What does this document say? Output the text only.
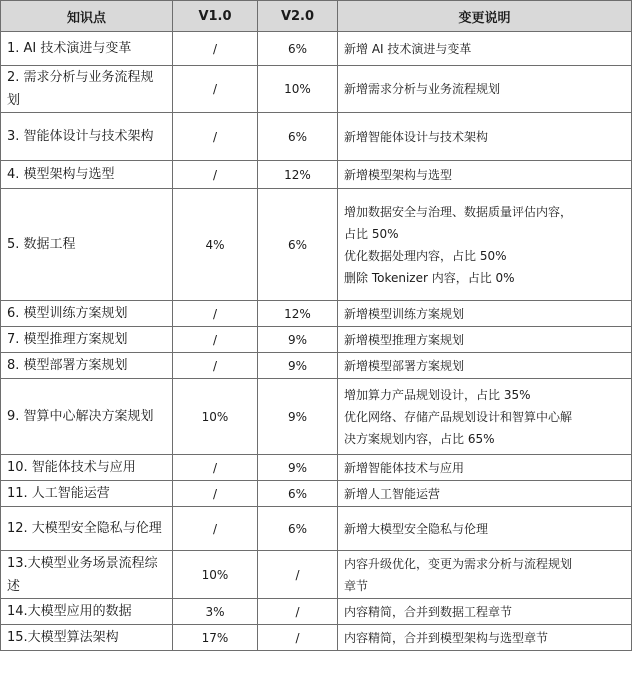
知识点	V1.0	V2.0	变更说明
1. AI 技术演进与变革	/	6%	新增 AI 技术演进与变革

2. 需求分析与业务流程规划	/	10%	新增需求分析与业务流程规划

3. 智能体设计与技术架构	/	6%	新增智能体设计与技术架构

4. 模型架构与选型	/	12%	新增模型架构与选型

5. 数据工程	4%	6%	增加数据安全与治理、数据质量评估内容，
占比 50%
优化数据处理内容，占比 50%
删除 Tokenizer 内容，占比 0%

6. 模型训练方案规划	/	12%	新增模型训练方案规划

7. 模型推理方案规划	/	9%	新增模型推理方案规划

8. 模型部署方案规划	/	9%	新增模型部署方案规划

9. 智算中心解决方案规划	10%	9%	增加算力产品规划设计，占比 35%
优化网络、存储产品规划设计和智算中心解
决方案规划内容，占比 65%

10. 智能体技术与应用	/	9%	新增智能体技术与应用

11. 人工智能运营	/	6%	新增人工智能运营

12. 大模型安全隐私与伦理	/	6%	新增大模型安全隐私与伦理

13.大模型业务场景流程综述	10%	/	内容升级优化，变更为需求分析与流程规划
章节

14.大模型应用的数据	3%	/	内容精简，合并到数据工程章节

15.大模型算法架构	17%	/	内容精简，合并到模型架构与选型章节
